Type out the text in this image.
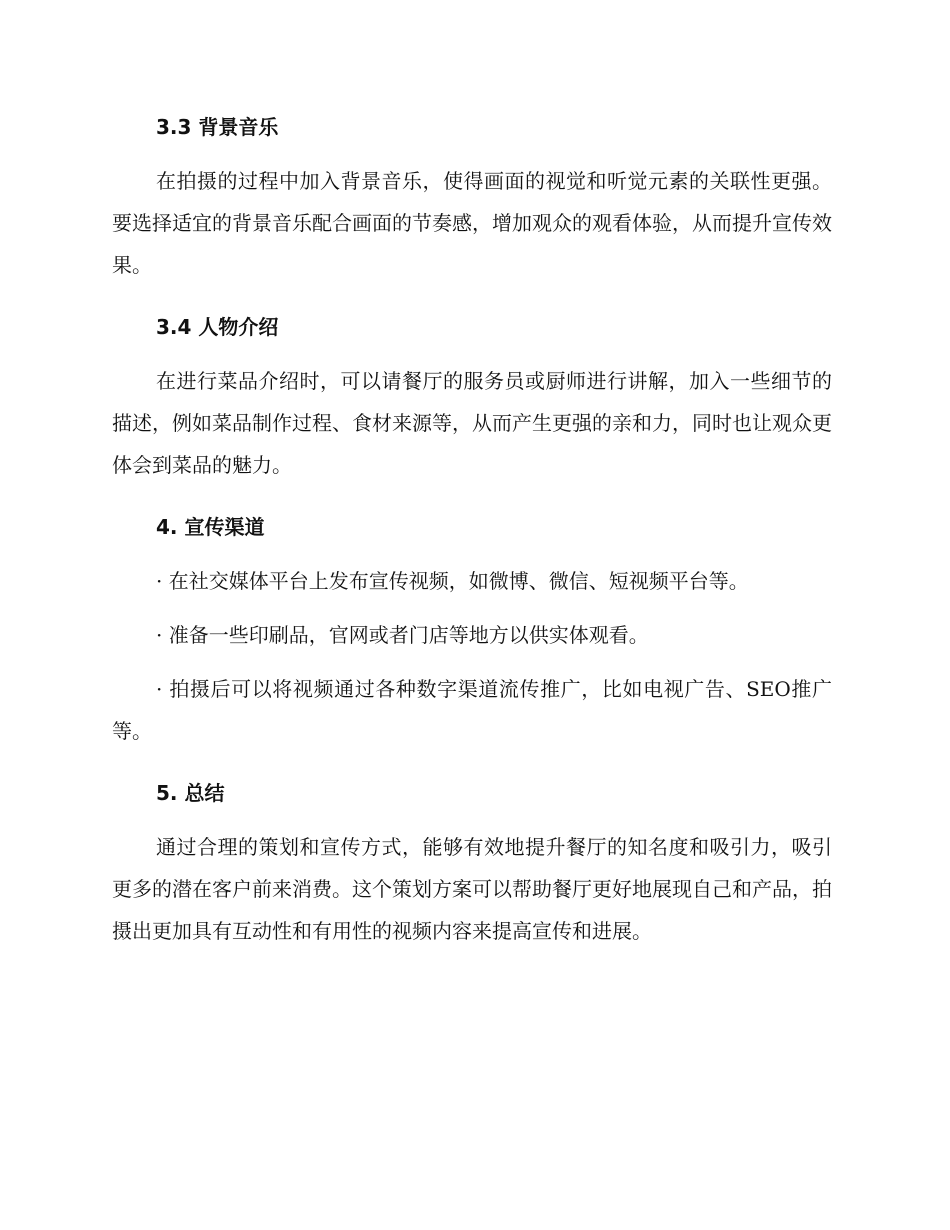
3.3 背景音乐

在拍摄的过程中加入背景音乐，使得画面的视觉和听觉元素的关联性更强。要选择适宜的背景音乐配合画面的节奏感，增加观众的观看体验，从而提升宣传效果。

3.4 人物介绍

在进行菜品介绍时，可以请餐厅的服务员或厨师进行讲解，加入一些细节的描述，例如菜品制作过程、食材来源等，从而产生更强的亲和力，同时也让观众更体会到菜品的魅力。

4. 宣传渠道

· 在社交媒体平台上发布宣传视频，如微博、微信、短视频平台等。

· 准备一些印刷品，官网或者门店等地方以供实体观看。

· 拍摄后可以将视频通过各种数字渠道流传推广，比如电视广告、SEO推广等。

5. 总结

通过合理的策划和宣传方式，能够有效地提升餐厅的知名度和吸引力，吸引更多的潜在客户前来消费。这个策划方案可以帮助餐厅更好地展现自己和产品，拍摄出更加具有互动性和有用性的视频内容来提高宣传和进展。
